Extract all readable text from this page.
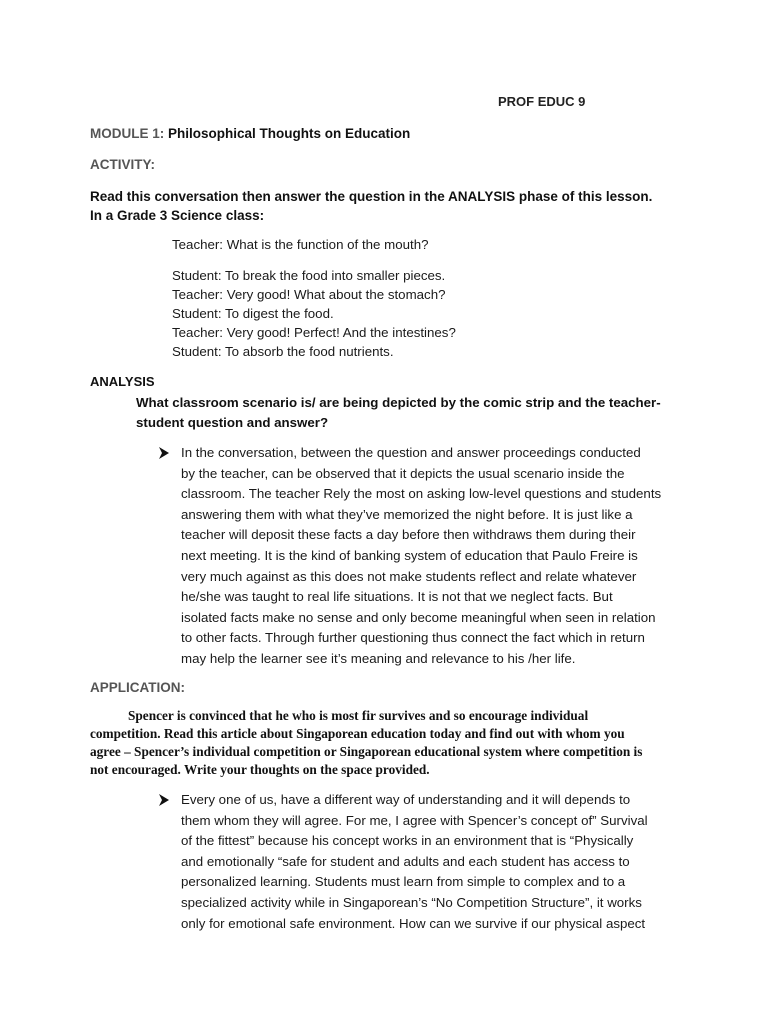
PROF EDUC 9
MODULE 1: Philosophical Thoughts on Education
ACTIVITY:
Read this conversation then answer the question in the ANALYSIS phase of this lesson.
In a Grade 3 Science class:
Teacher: What is the function of the mouth?
Student: To break the food into smaller pieces.
Teacher: Very good! What about the stomach?
Student: To digest the food.
Teacher: Very good! Perfect! And the intestines?
Student: To absorb the food nutrients.
ANALYSIS
What classroom scenario is/ are being depicted by the comic strip and the teacher-
student question and answer?
In the conversation, between the question and answer proceedings conducted
by the teacher, can be observed that it depicts the usual scenario inside the
classroom. The teacher Rely the most on asking low-level questions and students
answering them with what they’ve memorized the night before. It is just like a
teacher will deposit these facts a day before then withdraws them during their
next meeting. It is the kind of banking system of education that Paulo Freire is
very much against as this does not make students reflect and relate whatever
he/she was taught to real life situations. It is not that we neglect facts. But
isolated facts make no sense and only become meaningful when seen in relation
to other facts. Through further questioning thus connect the fact which in return
may help the learner see it’s meaning and relevance to his /her life.
APPLICATION:
Spencer is convinced that he who is most fir survives and so encourage individual
competition. Read this article about Singaporean education today and find out with whom you
agree – Spencer’s individual competition or Singaporean educational system where competition is
not encouraged. Write your thoughts on the space provided.
Every one of us, have a different way of understanding and it will depends to
them whom they will agree. For me, I agree with Spencer’s concept of” Survival
of the fittest” because his concept works in an environment that is “Physically
and emotionally “safe for student and adults and each student has access to
personalized learning. Students must learn from simple to complex and to a
specialized activity while in Singaporean’s “No Competition Structure”, it works
only for emotional safe environment. How can we survive if our physical aspect
